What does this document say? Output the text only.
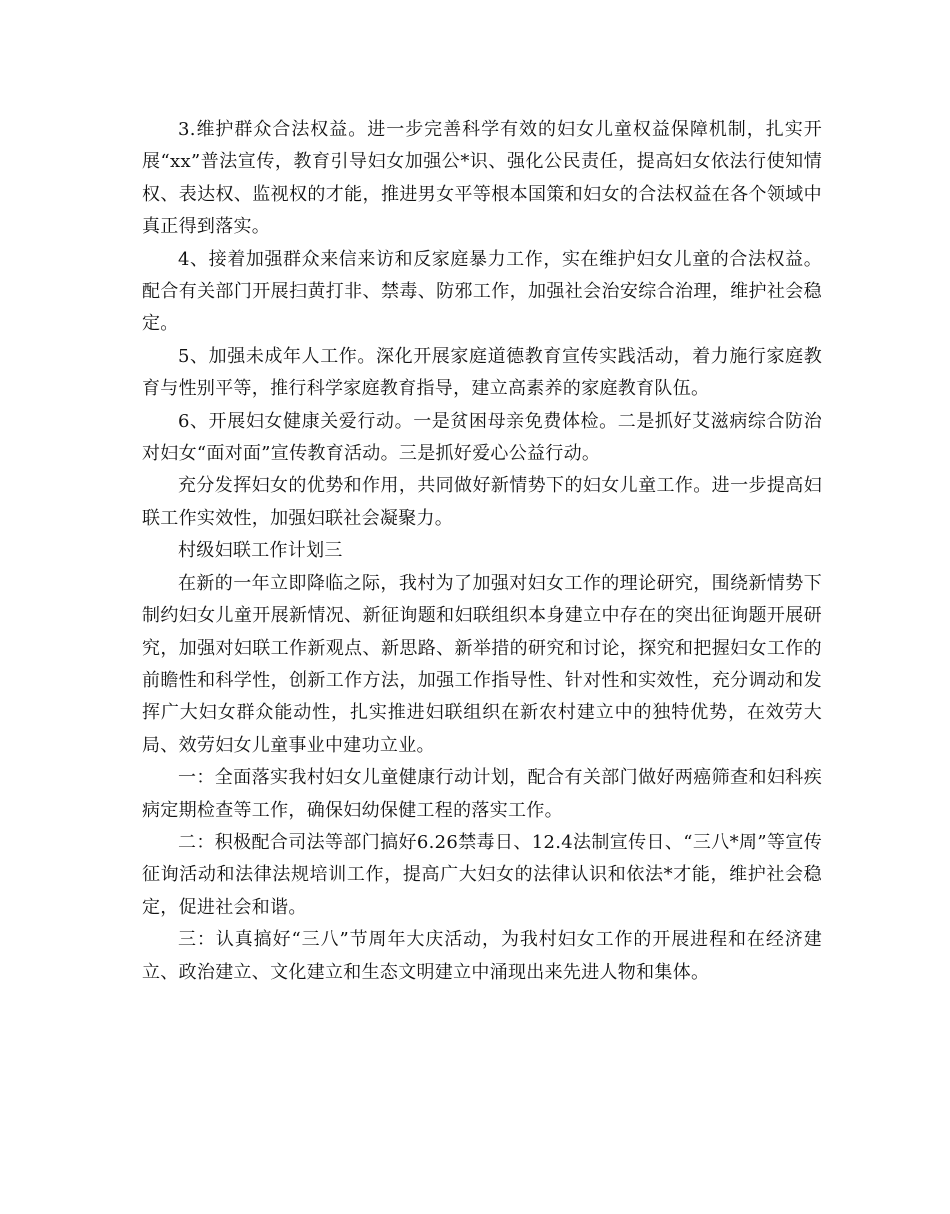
3.维护群众合法权益。进一步完善科学有效的妇女儿童权益保障机制，扎实开展“xx”普法宣传，教育引导妇女加强公*识、强化公民责任，提高妇女依法行使知情权、表达权、监视权的才能，推进男女平等根本国策和妇女的合法权益在各个领域中真正得到落实。

4、接着加强群众来信来访和反家庭暴力工作，实在维护妇女儿童的合法权益。配合有关部门开展扫黄打非、禁毒、防邪工作，加强社会治安综合治理，维护社会稳定。

5、加强未成年人工作。深化开展家庭道德教育宣传实践活动，着力施行家庭教育与性别平等，推行科学家庭教育指导，建立高素养的家庭教育队伍。

6、开展妇女健康关爱行动。一是贫困母亲免费体检。二是抓好艾滋病综合防治对妇女“面对面”宣传教育活动。三是抓好爱心公益行动。

充分发挥妇女的优势和作用，共同做好新情势下的妇女儿童工作。进一步提高妇联工作实效性，加强妇联社会凝聚力。

村级妇联工作计划三

在新的一年立即降临之际，我村为了加强对妇女工作的理论研究，围绕新情势下制约妇女儿童开展新情况、新征询题和妇联组织本身建立中存在的突出征询题开展研究，加强对妇联工作新观点、新思路、新举措的研究和讨论，探究和把握妇女工作的前瞻性和科学性，创新工作方法，加强工作指导性、针对性和实效性，充分调动和发挥广大妇女群众能动性，扎实推进妇联组织在新农村建立中的独特优势，在效劳大局、效劳妇女儿童事业中建功立业。

一：全面落实我村妇女儿童健康行动计划，配合有关部门做好两癌筛查和妇科疾病定期检查等工作，确保妇幼保健工程的落实工作。

二：积极配合司法等部门搞好6.26禁毒日、12.4法制宣传日、“三八*周”等宣传征询活动和法律法规培训工作，提高广大妇女的法律认识和依法*才能，维护社会稳定，促进社会和谐。

三：认真搞好“三八”节周年大庆活动，为我村妇女工作的开展进程和在经济建立、政治建立、文化建立和生态文明建立中涌现出来先进人物和集体。
